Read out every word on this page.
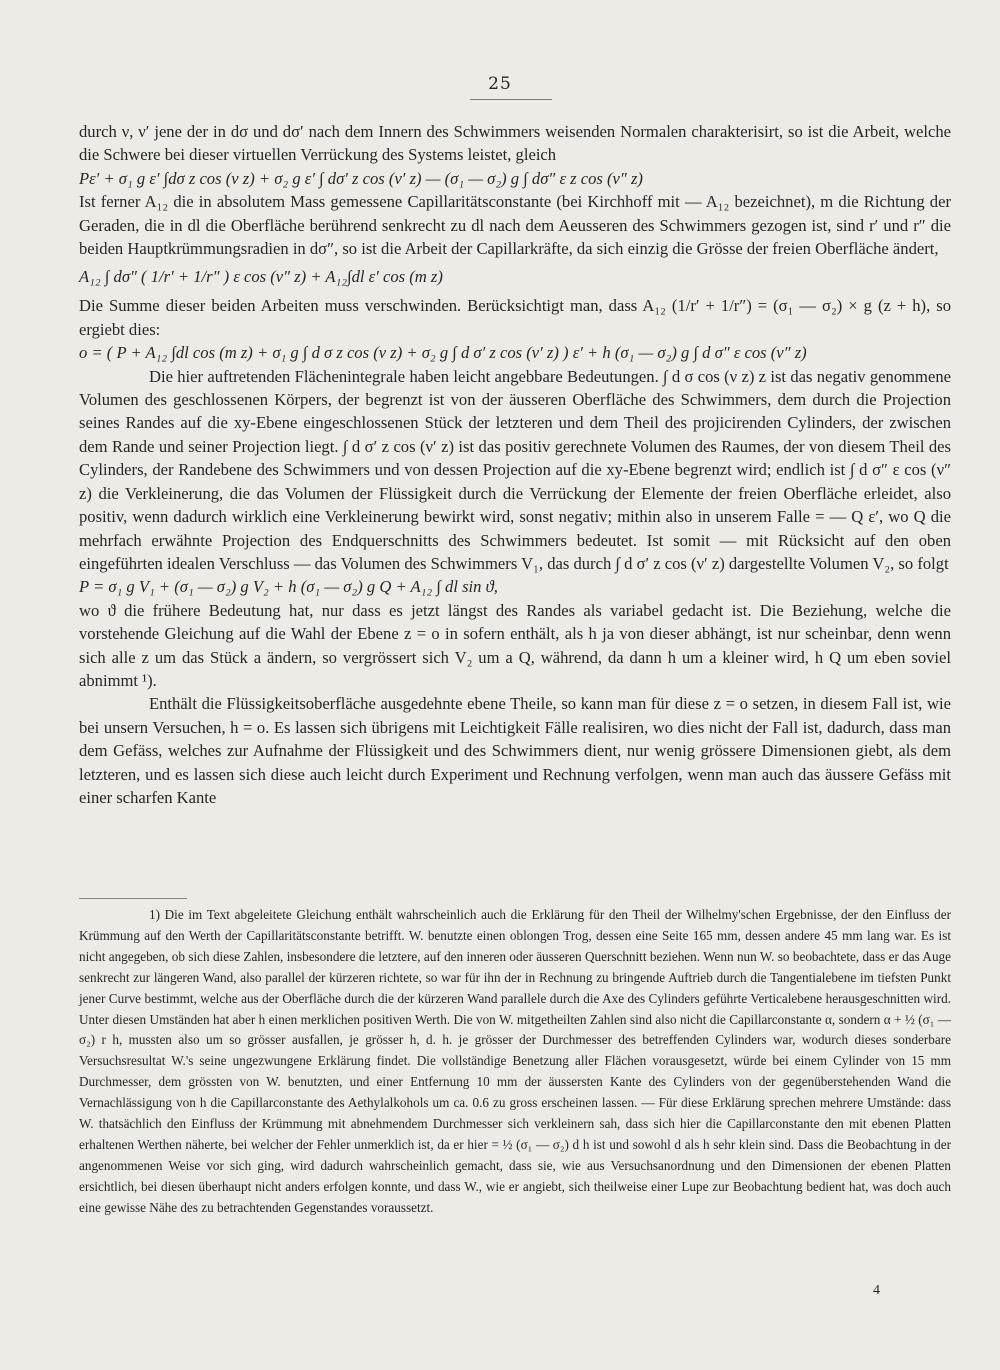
25

durch ν, ν′ jene der in dσ und dσ′ nach dem Innern des Schwimmers weisenden Normalen charakterisirt, so ist die Arbeit, welche die Schwere bei dieser virtuellen Verrückung des Systems leistet, gleich

Pε′ + σ₁ g ε′ ∫dσ z cos (ν z) + σ₂ g ε′ ∫ dσ′ z cos (ν′ z) — (σ₁ — σ₂) g ∫ dσ″ ε z cos (ν″ z)

Ist ferner A₁₂ die in absolutem Mass gemessene Capillaritätsconstante (bei Kirchhoff mit — A₁₂ bezeichnet), m die Richtung der Geraden, die in dl die Oberfläche berührend senkrecht zu dl nach dem Aeusseren des Schwimmers gezogen ist, sind r′ und r″ die beiden Hauptkrümmungsradien in dσ″, so ist die Arbeit der Capillarkräfte, da sich einzig die Grösse der freien Oberfläche ändert,

A₁₂ ∫ dσ″ ( 1/r′ + 1/r″ ) ε cos (ν″ z) + A₁₂∫dl ε′ cos (m z)

Die Summe dieser beiden Arbeiten muss verschwinden. Berücksichtigt man, dass A₁₂ (1/r′ + 1/r″) = (σ₁ — σ₂) × g (z + h), so ergiebt dies:

o = ( P + A₁₂ ∫dl cos (m z) + σ₁ g ∫ d σ z cos (ν z) + σ₂ g ∫ d σ′ z cos (ν′ z) ) ε′ + h (σ₁ — σ₂) g ∫ d σ″ ε cos (ν″ z)

Die hier auftretenden Flächenintegrale haben leicht angebbare Bedeutungen. ∫ d σ cos (ν z) z ist das negativ genommene Volumen des geschlossenen Körpers, der begrenzt ist von der äusseren Oberfläche des Schwimmers, dem durch die Projection seines Randes auf die xy-Ebene eingeschlossenen Stück der letzteren und dem Theil des projicirenden Cylinders, der zwischen dem Rande und seiner Projection liegt. ∫ d σ′ z cos (ν′ z) ist das positiv gerechnete Volumen des Raumes, der von diesem Theil des Cylinders, der Randebene des Schwimmers und von dessen Projection auf die xy-Ebene begrenzt wird; endlich ist ∫ d σ″ ε cos (ν″ z) die Verkleinerung, die das Volumen der Flüssigkeit durch die Verrückung der Elemente der freien Oberfläche erleidet, also positiv, wenn dadurch wirklich eine Verkleinerung bewirkt wird, sonst negativ; mithin also in unserem Falle = — Q ε′, wo Q die mehrfach erwähnte Projection des Endquerschnitts des Schwimmers bedeutet. Ist somit — mit Rücksicht auf den oben eingeführten idealen Verschluss — das Volumen des Schwimmers V₁, das durch ∫ d σ′ z cos (ν′ z) dargestellte Volumen V₂, so folgt

P = σ₁ g V₁ + (σ₁ — σ₂) g V₂ + h (σ₁ — σ₂) g Q + A₁₂ ∫ dl sin ϑ,

wo ϑ die frühere Bedeutung hat, nur dass es jetzt längst des Randes als variabel gedacht ist. Die Beziehung, welche die vorstehende Gleichung auf die Wahl der Ebene z = o in sofern enthält, als h ja von dieser abhängt, ist nur scheinbar, denn wenn sich alle z um das Stück a ändern, so vergrössert sich V₂ um a Q, während, da dann h um a kleiner wird, h Q um eben soviel abnimmt ¹).

Enthält die Flüssigkeitsoberfläche ausgedehnte ebene Theile, so kann man für diese z = o setzen, in diesem Fall ist, wie bei unsern Versuchen, h = o. Es lassen sich übrigens mit Leichtigkeit Fälle realisiren, wo dies nicht der Fall ist, dadurch, dass man dem Gefäss, welches zur Aufnahme der Flüssigkeit und des Schwimmers dient, nur wenig grössere Dimensionen giebt, als dem letzteren, und es lassen sich diese auch leicht durch Experiment und Rechnung verfolgen, wenn man auch das äussere Gefäss mit einer scharfen Kante

1) Die im Text abgeleitete Gleichung enthält wahrscheinlich auch die Erklärung für den Theil der Wilhelmy'schen Ergebnisse, der den Einfluss der Krümmung auf den Werth der Capillaritätsconstante betrifft. W. benutzte einen oblongen Trog, dessen eine Seite 165 mm, dessen andere 45 mm lang war. Es ist nicht angegeben, ob sich diese Zahlen, insbesondere die letztere, auf den inneren oder äusseren Querschnitt beziehen. Wenn nun W. so beobachtete, dass er das Auge senkrecht zur längeren Wand, also parallel der kürzeren richtete, so war für ihn der in Rechnung zu bringende Auftrieb durch die Tangentialebene im tiefsten Punkt jener Curve bestimmt, welche aus der Oberfläche durch die der kürzeren Wand parallele durch die Axe des Cylinders geführte Verticalebene herausgeschnitten wird. Unter diesen Umständen hat aber h einen merklichen positiven Werth. Die von W. mitgetheilten Zahlen sind also nicht die Capillarconstante α, sondern α + ½ (σ₁ — σ₂) r h, mussten also um so grösser ausfallen, je grösser h, d. h. je grösser der Durchmesser des betreffenden Cylinders war, wodurch dieses sonderbare Versuchsresultat W.'s seine ungezwungene Erklärung findet. Die vollständige Benetzung aller Flächen vorausgesetzt, würde bei einem Cylinder von 15 mm Durchmesser, dem grössten von W. benutzten, und einer Entfernung 10 mm der äussersten Kante des Cylinders von der gegenüberstehenden Wand die Vernachlässigung von h die Capillarconstante des Aethylalkohols um ca. 0.6 zu gross erscheinen lassen. — Für diese Erklärung sprechen mehrere Umstände: dass W. thatsächlich den Einfluss der Krümmung mit abnehmendem Durchmesser sich verkleinern sah, dass sich hier die Capillarconstante den mit ebenen Platten erhaltenen Werthen näherte, bei welcher der Fehler unmerklich ist, da er hier = ½ (σ₁ — σ₂) d h ist und sowohl d als h sehr klein sind. Dass die Beobachtung in der angenommenen Weise vor sich ging, wird dadurch wahrscheinlich gemacht, dass sie, wie aus Versuchsanordnung und den Dimensionen der ebenen Platten ersichtlich, bei diesen überhaupt nicht anders erfolgen konnte, und dass W., wie er angiebt, sich theilweise einer Lupe zur Beobachtung bedient hat, was doch auch eine gewisse Nähe des zu betrachtenden Gegenstandes voraussetzt.

4
